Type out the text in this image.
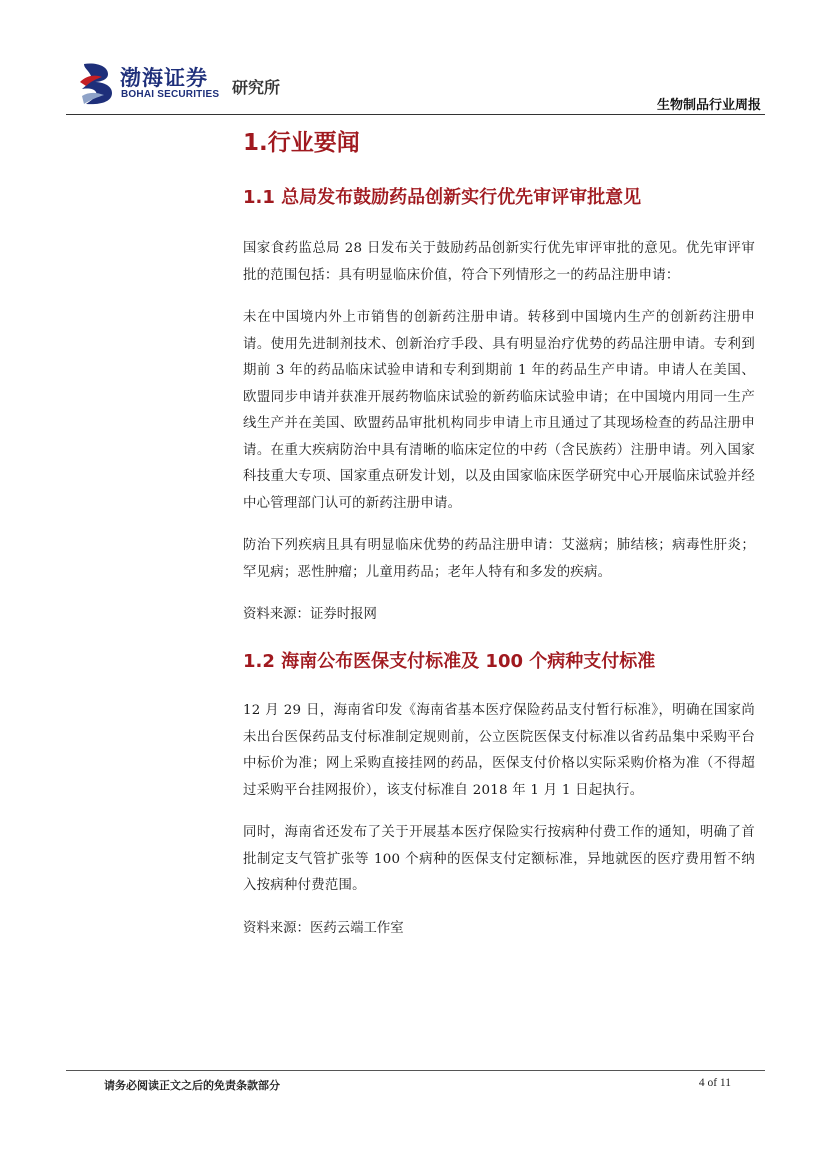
渤海证券
BOHAI SECURITIES 研究所
生物制品行业周报
1.行业要闻
1.1 总局发布鼓励药品创新实行优先审评审批意见

国家食药监总局 28 日发布关于鼓励药品创新实行优先审评审批的意见。优先审评审批的范围包括：具有明显临床价值，符合下列情形之一的药品注册申请：

未在中国境内外上市销售的创新药注册申请。转移到中国境内生产的创新药注册申请。使用先进制剂技术、创新治疗手段、具有明显治疗优势的药品注册申请。专利到期前 3 年的药品临床试验申请和专利到期前 1 年的药品生产申请。申请人在美国、欧盟同步申请并获准开展药物临床试验的新药临床试验申请；在中国境内用同一生产线生产并在美国、欧盟药品审批机构同步申请上市且通过了其现场检查的药品注册申请。在重大疾病防治中具有清晰的临床定位的中药（含民族药）注册申请。列入国家科技重大专项、国家重点研发计划，以及由国家临床医学研究中心开展临床试验并经中心管理部门认可的新药注册申请。

防治下列疾病且具有明显临床优势的药品注册申请：艾滋病；肺结核；病毒性肝炎；罕见病；恶性肿瘤；儿童用药品；老年人特有和多发的疾病。

资料来源：证券时报网

1.2 海南公布医保支付标准及 100 个病种支付标准

12 月 29 日，海南省印发《海南省基本医疗保险药品支付暂行标准》，明确在国家尚未出台医保药品支付标准制定规则前，公立医院医保支付标准以省药品集中采购平台中标价为准；网上采购直接挂网的药品，医保支付价格以实际采购价格为准（不得超过采购平台挂网报价），该支付标准自 2018 年 1 月 1 日起执行。

同时，海南省还发布了关于开展基本医疗保险实行按病种付费工作的通知，明确了首批制定支气管扩张等 100 个病种的医保支付定额标准，异地就医的医疗费用暂不纳入按病种付费范围。

资料来源：医药云端工作室

请务必阅读正文之后的免责条款部分	4 of 11
